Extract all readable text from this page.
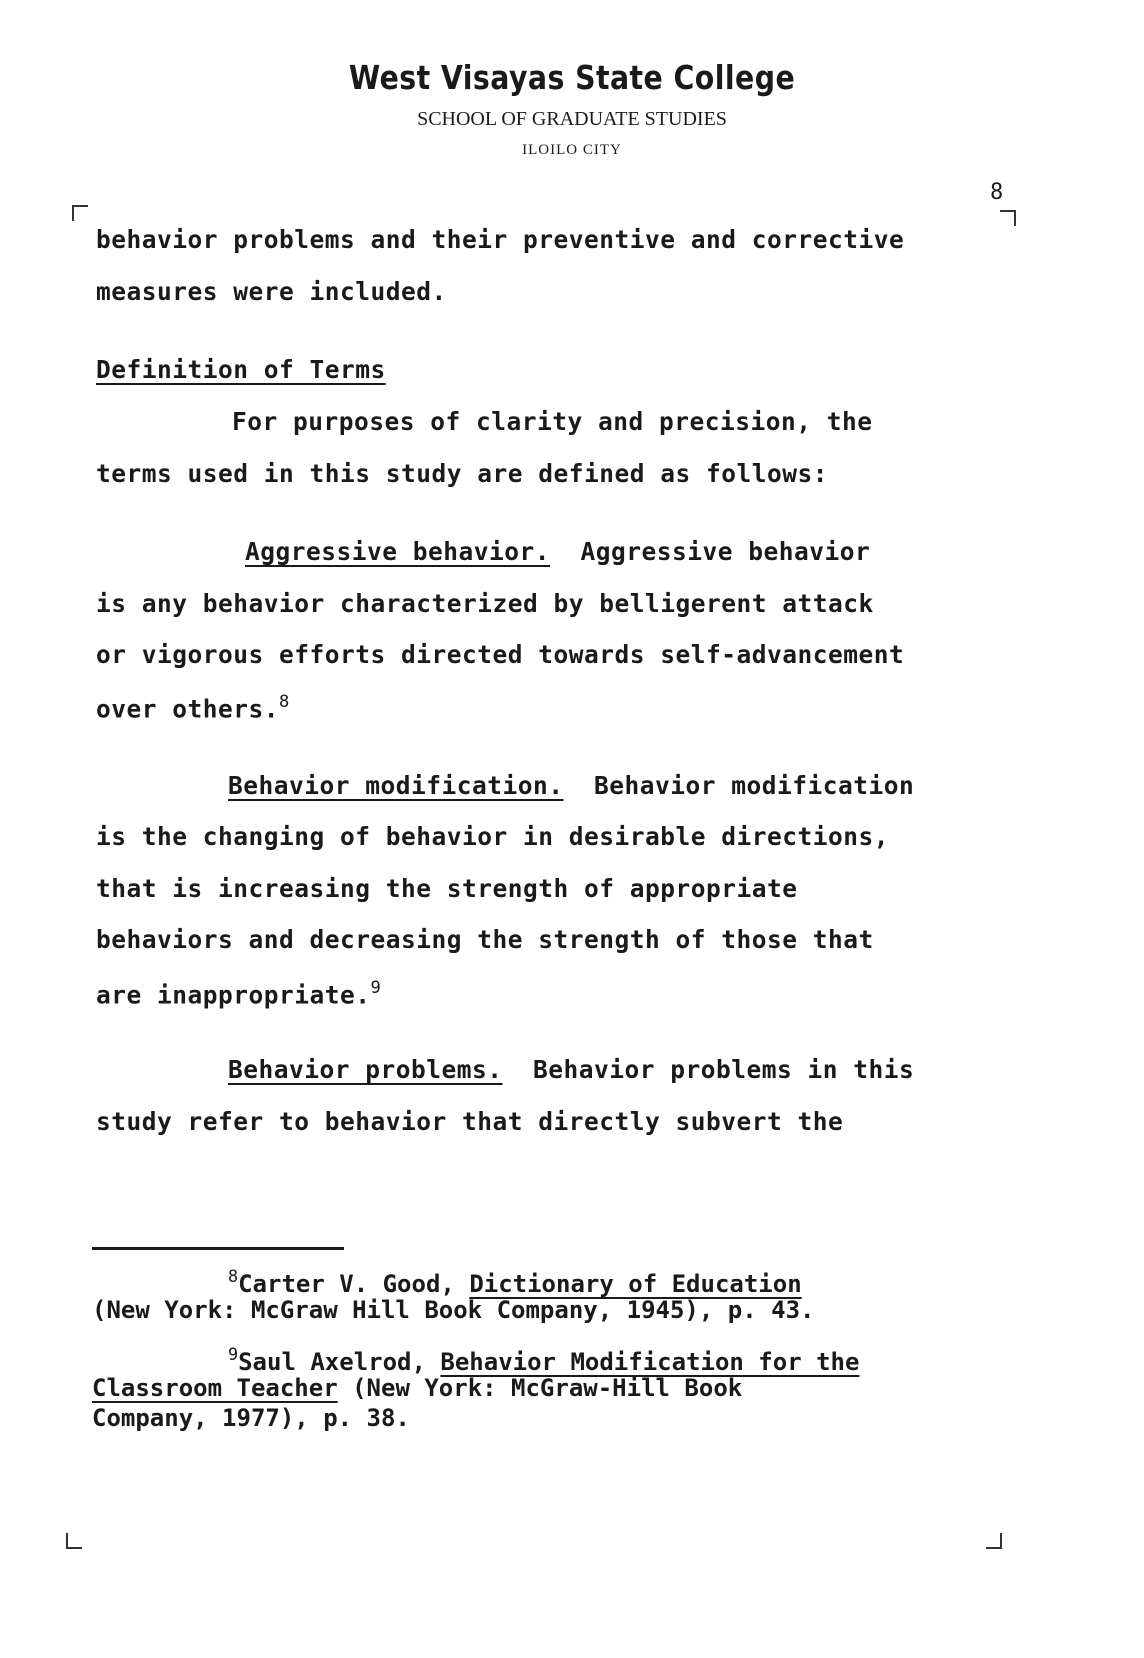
West Visayas State College
SCHOOL OF GRADUATE STUDIES
ILOILO CITY
8
behavior problems and their preventive and corrective
measures were included.
Definition of Terms
For purposes of clarity and precision, the
terms used in this study are defined as follows:
Aggressive behavior. Aggressive behavior
is any behavior characterized by belligerent attack
or vigorous efforts directed towards self-advancement
over others.$^8$
Behavior modification. Behavior modification
is the changing of behavior in desirable directions,
that is increasing the strength of appropriate
behaviors and decreasing the strength of those that
are inappropriate.$^9$
Behavior problems. Behavior problems in this
study refer to behavior that directly subvert the
$^8$Carter V. Good, Dictionary of Education
(New York: McGraw Hill Book Company, 1945), p. 43.
$^9$Saul Axelrod, Behavior Modification for the
Classroom Teacher (New York: McGraw-Hill Book
Company, 1977), p. 38.
